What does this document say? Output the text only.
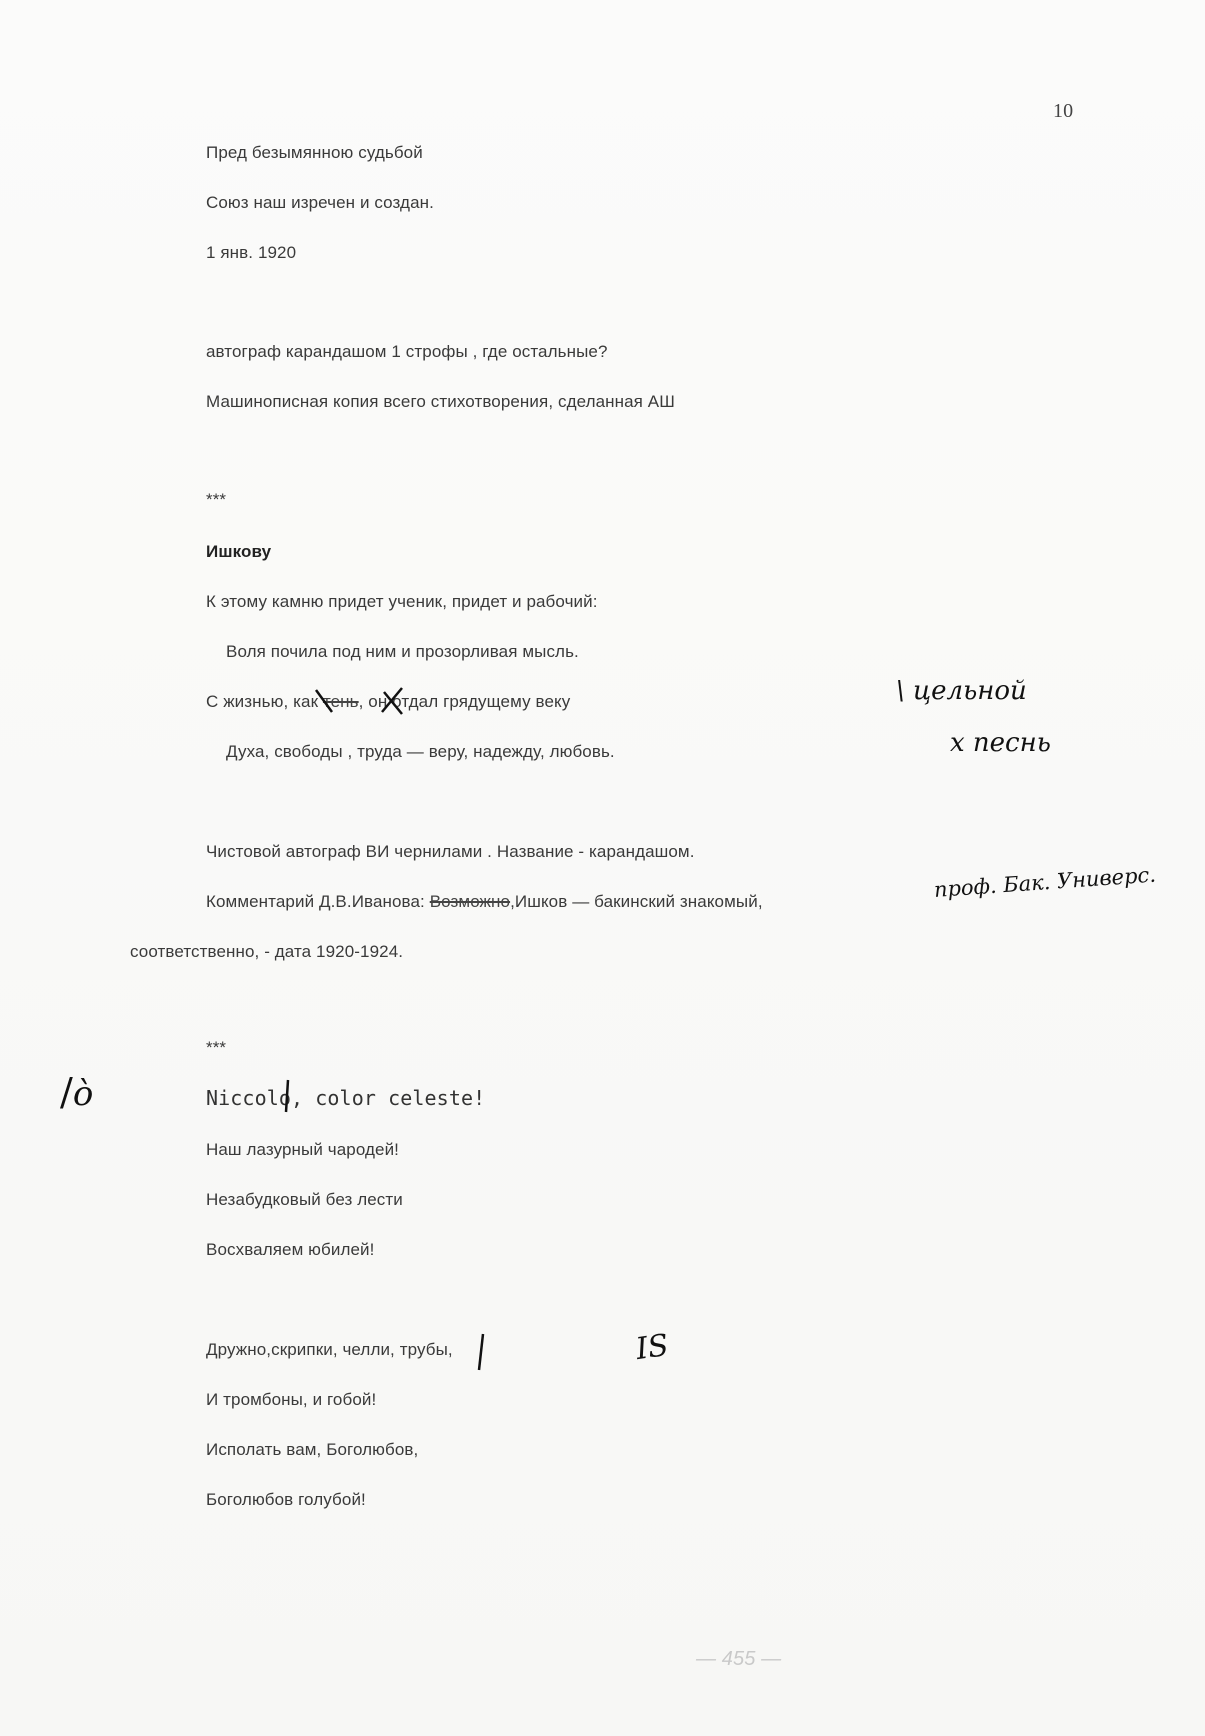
10
Пред безымянною судьбой
Союз наш изречен и создан.
1 янв. 1920
автограф карандашом 1 строфы , где остальные?
Машинописная копия всего стихотворения, сделанная АШ
***
Ишкову
К этому камню придет ученик, придет и рабочий:
Воля почила под ним и прозорливая мысль.
С жизнью, как тень, он отдал грядущему веку
Духа, свободы , труда — веру, надежду, любовь.
\ цельной
х песнь
Чистовой автограф ВИ чернилами . Название - карандашом.
Комментарий Д.В.Иванова: Возможно,Ишков — бакинский знакомый,	проф. Бак. Универс.
соответственно, - дата 1920-1924.
***
/ò	Niccolo, color celeste!
Наш лазурный чародей!
Незабудковый без лести
Восхваляем юбилей!
Дружно,скрипки, челли, трубы,	IS
И тромбоны, и гобой!
Исполать вам, Боголюбов,
Боголюбов голубой!
— 455 —
